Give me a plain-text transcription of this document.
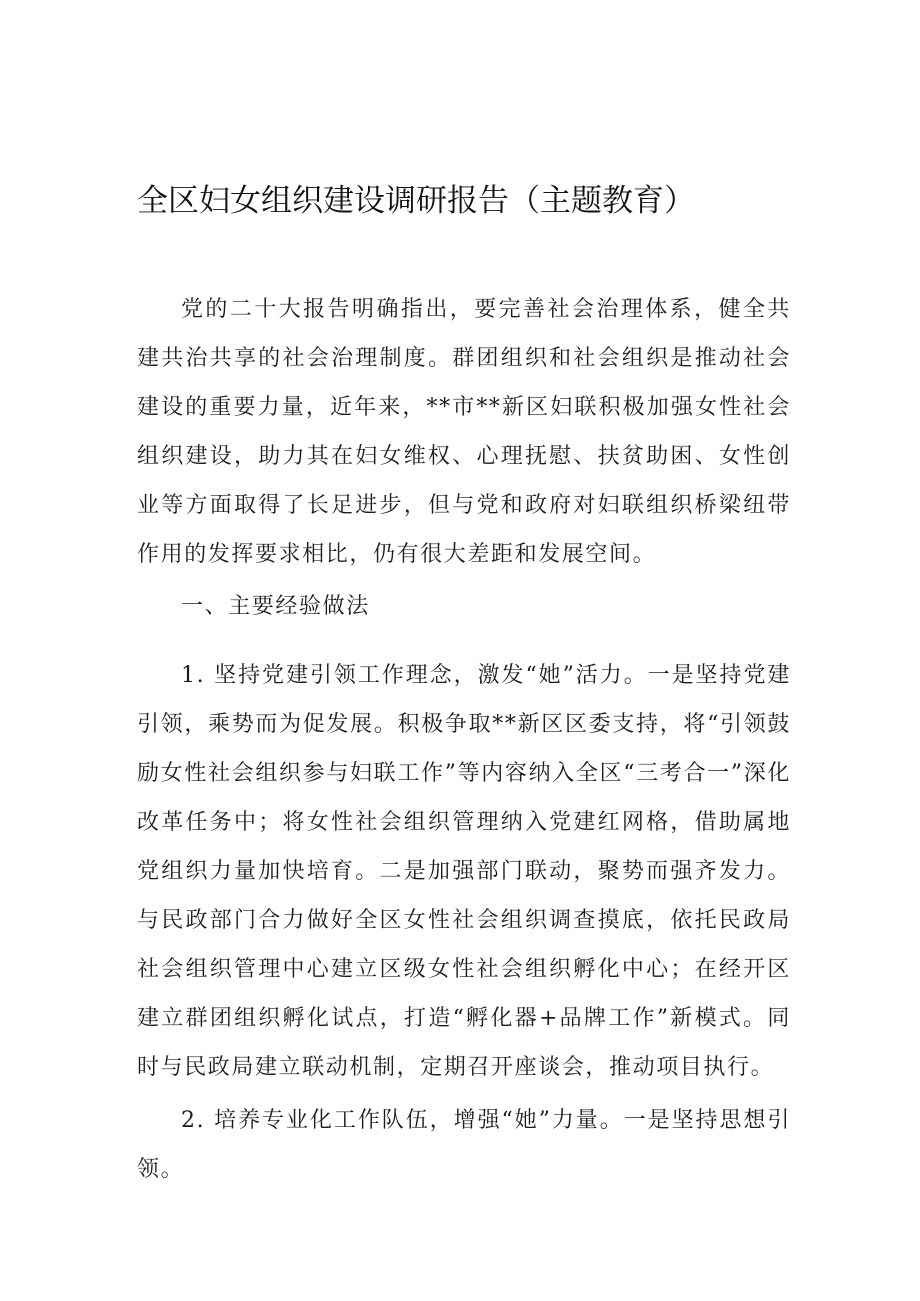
全区妇女组织建设调研报告（主题教育）

党的二十大报告明确指出，要完善社会治理体系，健全共建共治共享的社会治理制度。群团组织和社会组织是推动社会建设的重要力量，近年来，**市**新区妇联积极加强女性社会组织建设，助力其在妇女维权、心理抚慰、扶贫助困、女性创业等方面取得了长足进步，但与党和政府对妇联组织桥梁纽带作用的发挥要求相比，仍有很大差距和发展空间。

一、主要经验做法

1. 坚持党建引领工作理念，激发“她”活力。一是坚持党建引领，乘势而为促发展。积极争取**新区区委支持，将“引领鼓励女性社会组织参与妇联工作”等内容纳入全区“三考合一”深化改革任务中；将女性社会组织管理纳入党建红网格，借助属地党组织力量加快培育。二是加强部门联动，聚势而强齐发力。与民政部门合力做好全区女性社会组织调查摸底，依托民政局社会组织管理中心建立区级女性社会组织孵化中心；在经开区建立群团组织孵化试点，打造“孵化器+品牌工作”新模式。同时与民政局建立联动机制，定期召开座谈会，推动项目执行。

2. 培养专业化工作队伍，增强“她”力量。一是坚持思想引领。
